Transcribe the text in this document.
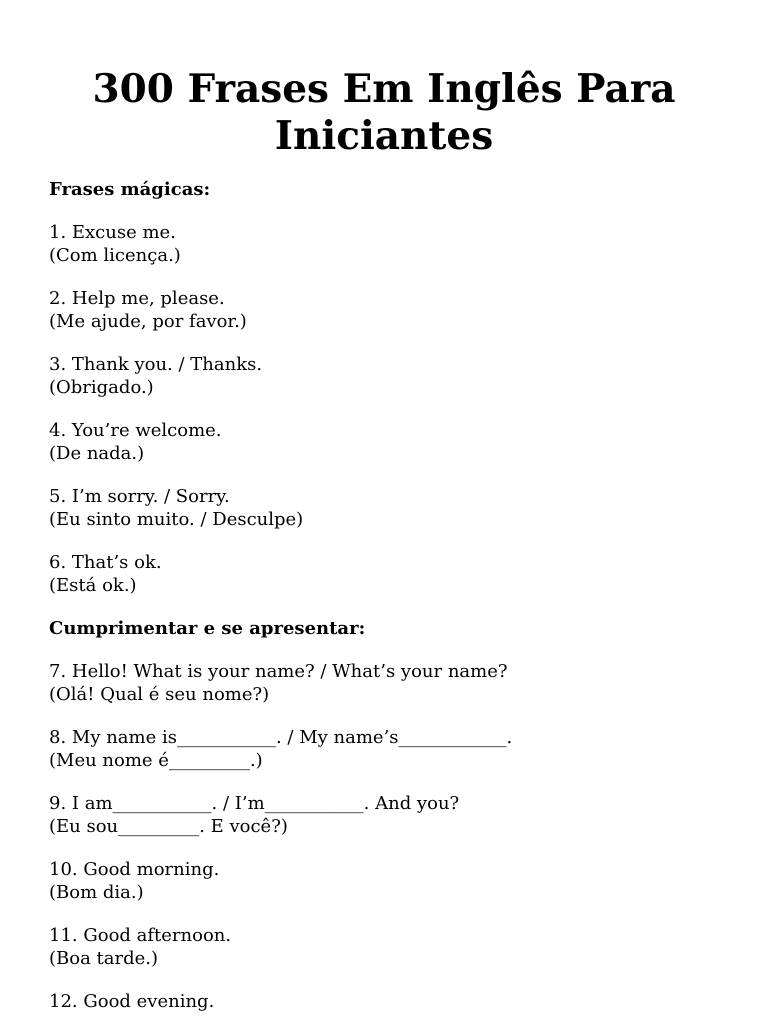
300 Frases Em Inglês Para Iniciantes

Frases mágicas:

1. Excuse me.
(Com licença.)
2. Help me, please.
(Me ajude, por favor.)
3. Thank you. / Thanks.
(Obrigado.)
4. You’re welcome.
(De nada.)
5. I’m sorry. / Sorry.
(Eu sinto muito. / Desculpe)
6. That’s ok.
(Está ok.)

Cumprimentar e se apresentar:

7. Hello! What is your name? / What’s your name?
(Olá! Qual é seu nome?)
8. My name is___________. / My name’s____________.
(Meu nome é_________.)
9. I am___________. / I’m___________. And you?
(Eu sou_________. E você?)
10. Good morning.
(Bom dia.)
11. Good afternoon.
(Boa tarde.)
12. Good evening.
